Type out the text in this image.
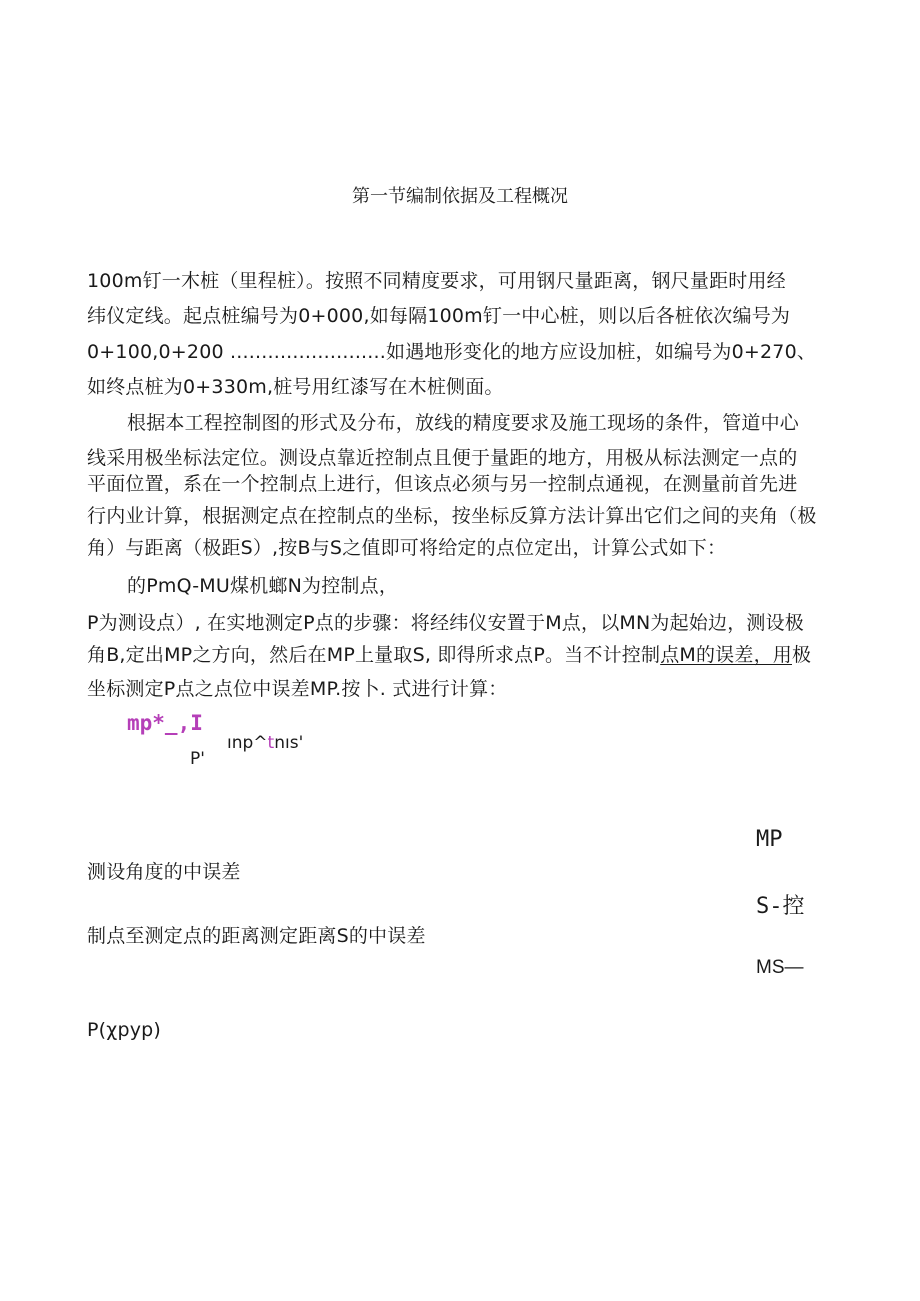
第一节编制依据及工程概况
100m钉一木桩（里程桩）。按照不同精度要求，可用钢尺量距离，钢尺量距时用经
纬仪定线。起点桩编号为0+000,如每隔100m钉一中心桩，则以后各桩依次编号为
0+100,0+200 .........................如遇地形变化的地方应设加桩，如编号为0+270、
如终点桩为0+330m,桩号用红漆写在木桩侧面。
根据本工程控制图的形式及分布，放线的精度要求及施工现场的条件，管道中心
线采用极坐标法定位。测设点靠近控制点且便于量距的地方，用极从标法测定一点的
平面位置，系在一个控制点上进行，但该点必须与另一控制点通视，在测量前首先进
行内业计算，根据测定点在控制点的坐标，按坐标反算方法计算出它们之间的夹角（极
角）与距离（极距S）,按B与S之值即可将给定的点位定出，计算公式如下：
的PmQ-MU煤机螂N为控制点，
P为测设点）, 在实地测定P点的步骤：将经纬仪安置于M点，以MN为起始边，测设极
角B,定出MP之方向，然后在MP上量取S, 即得所求点P。当不计控制点M的误差，用极
坐标测定P点之点位中误差MP.按卜. 式进行计算：
mp*_,I
P'
ınp^tnıs'
MP
测设角度的中误差
S-控
制点至测定点的距离测定距离S的中误差
MS—
P(χpyp)
